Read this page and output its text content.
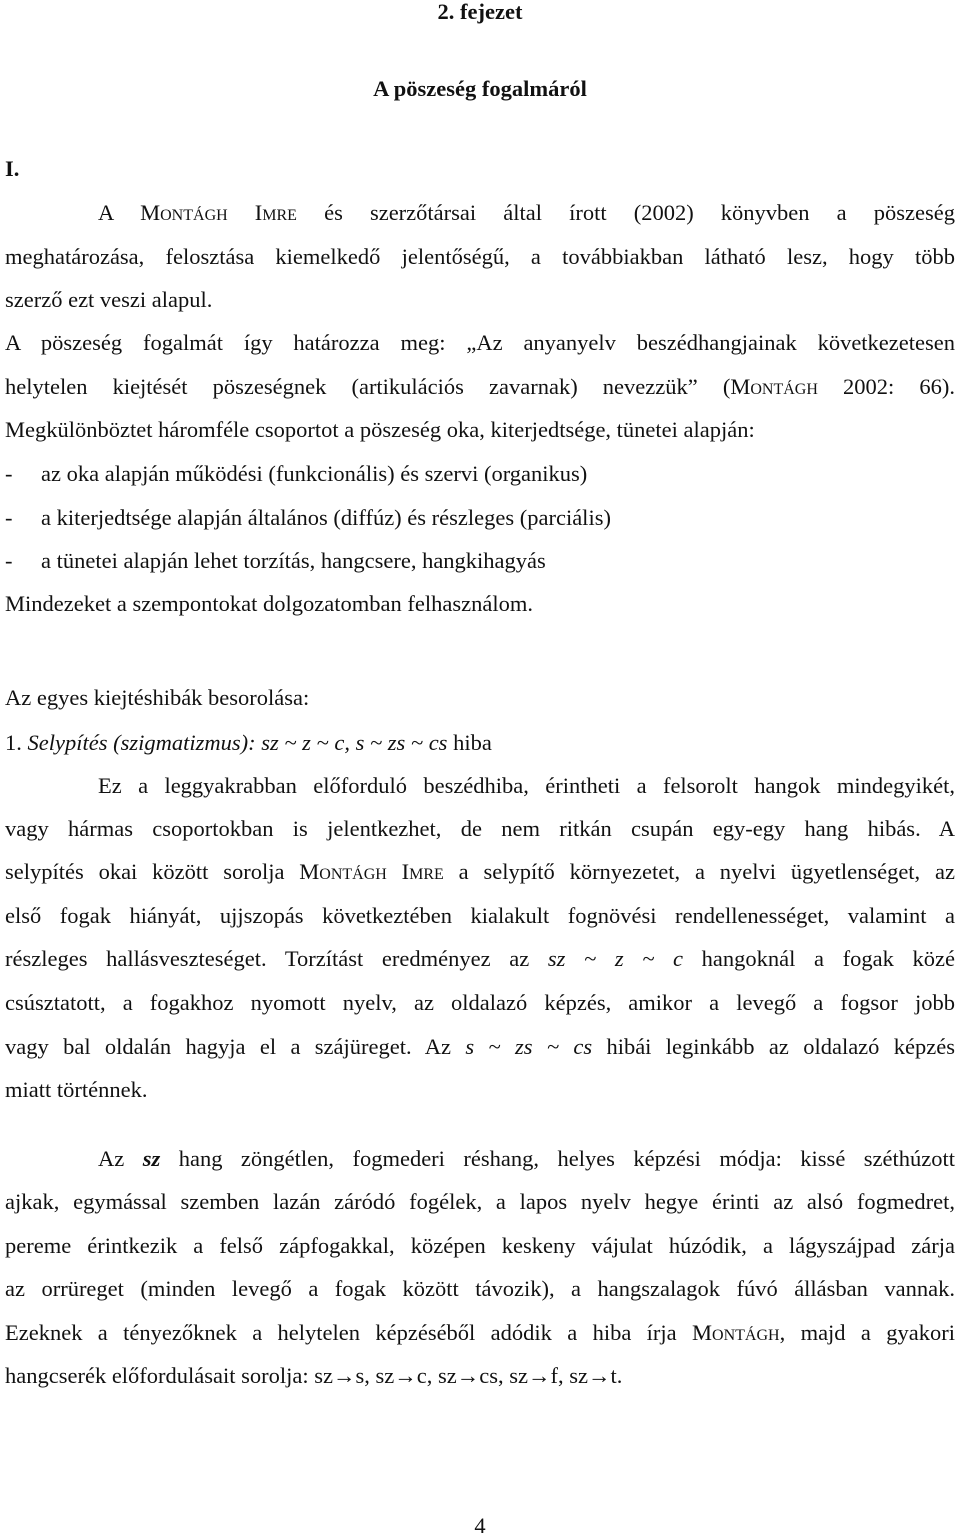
2. fejezet
A pöszeség fogalmáról
I.
A Montágh Imre és szerzőtársai által írott (2002) könyvben a pöszeség
meghatározása, felosztása kiemelkedő jelentőségű, a továbbiakban látható lesz, hogy több
szerző ezt veszi alapul.
A pöszeség fogalmát így határozza meg: „Az anyanyelv beszédhangjainak következetesen
helytelen kiejtését pöszeségnek (artikulációs zavarnak) nevezzük” (Montágh 2002: 66).
Megkülönböztet háromféle csoportot a pöszeség oka, kiterjedtsége, tünetei alapján:
- az oka alapján működési (funkcionális) és szervi (organikus)
- a kiterjedtsége alapján általános (diffúz) és részleges (parciális)
- a tünetei alapján lehet torzítás, hangcsere, hangkihagyás
Mindezeket a szempontokat dolgozatomban felhasználom.
Az egyes kiejtéshibák besorolása:
1. Selypítés (szigmatizmus): sz ~ z ~ c, s ~ zs ~ cs hiba
Ez a leggyakrabban előforduló beszédhiba, érintheti a felsorolt hangok mindegyikét,
vagy hármas csoportokban is jelentkezhet, de nem ritkán csupán egy-egy hang hibás. A
selypítés okai között sorolja Montágh Imre a selypítő környezetet, a nyelvi ügyetlenséget, az
első fogak hiányát, ujjszopás következtében kialakult fognövési rendellenességet, valamint a
részleges hallásveszteséget. Torzítást eredményez az sz ~ z ~ c hangoknál a fogak közé
csúsztatott, a fogakhoz nyomott nyelv, az oldalazó képzés, amikor a levegő a fogsor jobb
vagy bal oldalán hagyja el a szájüreget. Az s ~ zs ~ cs hibái leginkább az oldalazó képzés
miatt történnek.
Az sz hang zöngétlen, fogmederi réshang, helyes képzési módja: kissé széthúzott
ajkak, egymással szemben lazán záródó fogélek, a lapos nyelv hegye érinti az alsó fogmedret,
pereme érintkezik a felső zápfogakkal, középen keskeny vájulat húzódik, a lágyszájpad zárja
az orrüreget (minden levegő a fogak között távozik), a hangszalagok fúvó állásban vannak.
Ezeknek a tényezőknek a helytelen képzéséből adódik a hiba írja Montágh, majd a gyakori
hangcserék előfordulásait sorolja: sz→s, sz→c, sz→cs, sz→f, sz→t.
4
